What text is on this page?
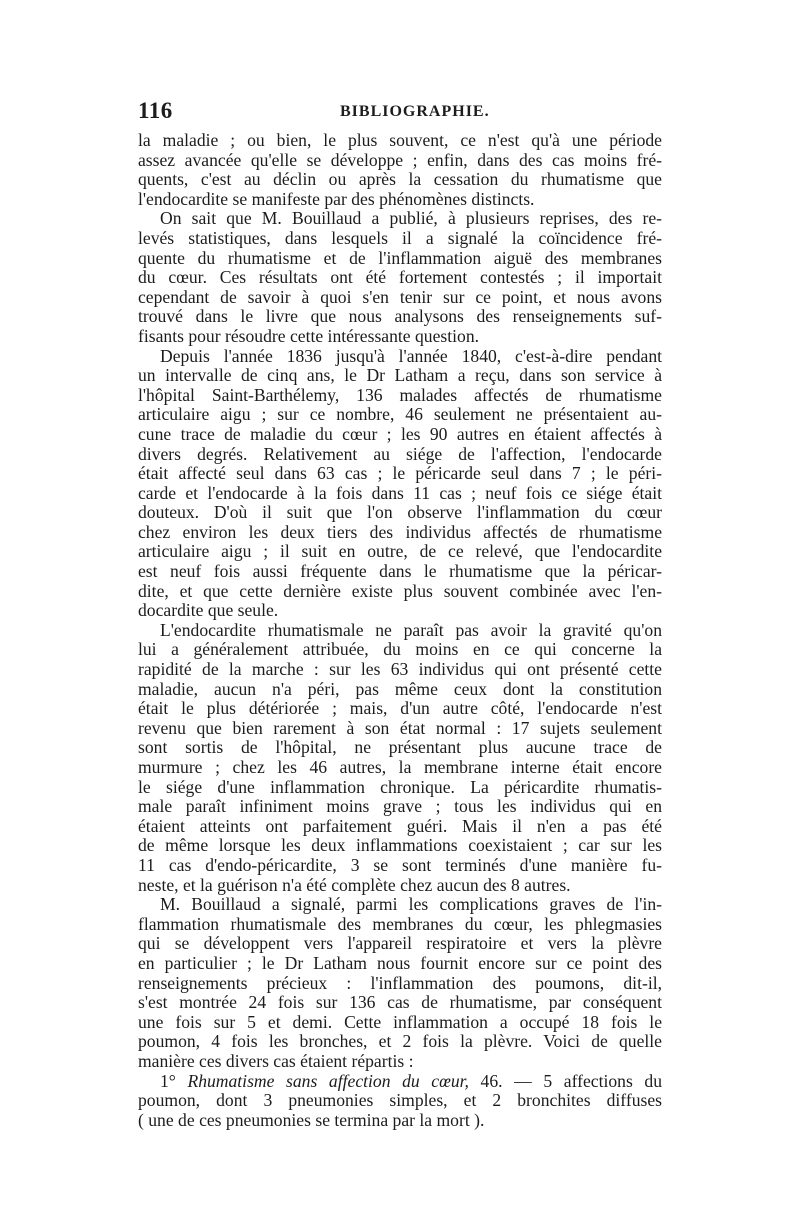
116	BIBLIOGRAPHIE.
la maladie ; ou bien, le plus souvent, ce n'est qu'à une période
assez avancée qu'elle se développe ; enfin, dans des cas moins fré-
quents, c'est au déclin ou après la cessation du rhumatisme que
l'endocardite se manifeste par des phénomènes distincts.
On sait que M. Bouillaud a publié, à plusieurs reprises, des re-
levés statistiques, dans lesquels il a signalé la coïncidence fré-
quente du rhumatisme et de l'inflammation aiguë des membranes
du cœur. Ces résultats ont été fortement contestés ; il importait
cependant de savoir à quoi s'en tenir sur ce point, et nous avons
trouvé dans le livre que nous analysons des renseignements suf-
fisants pour résoudre cette intéressante question.
Depuis l'année 1836 jusqu'à l'année 1840, c'est-à-dire pendant
un intervalle de cinq ans, le Dr Latham a reçu, dans son service à
l'hôpital Saint-Barthélemy, 136 malades affectés de rhumatisme
articulaire aigu ; sur ce nombre, 46 seulement ne présentaient au-
cune trace de maladie du cœur ; les 90 autres en étaient affectés à
divers degrés. Relativement au siége de l'affection, l'endocarde
était affecté seul dans 63 cas ; le péricarde seul dans 7 ; le péri-
carde et l'endocarde à la fois dans 11 cas ; neuf fois ce siége était
douteux. D'où il suit que l'on observe l'inflammation du cœur
chez environ les deux tiers des individus affectés de rhumatisme
articulaire aigu ; il suit en outre, de ce relevé, que l'endocardite
est neuf fois aussi fréquente dans le rhumatisme que la péricar-
dite, et que cette dernière existe plus souvent combinée avec l'en-
docardite que seule.
L'endocardite rhumatismale ne paraît pas avoir la gravité qu'on
lui a généralement attribuée, du moins en ce qui concerne la
rapidité de la marche : sur les 63 individus qui ont présenté cette
maladie, aucun n'a péri, pas même ceux dont la constitution
était le plus détériorée ; mais, d'un autre côté, l'endocarde n'est
revenu que bien rarement à son état normal : 17 sujets seulement
sont sortis de l'hôpital, ne présentant plus aucune trace de
murmure ; chez les 46 autres, la membrane interne était encore
le siége d'une inflammation chronique. La péricardite rhumatis-
male paraît infiniment moins grave ; tous les individus qui en
étaient atteints ont parfaitement guéri. Mais il n'en a pas été
de même lorsque les deux inflammations coexistaient ; car sur les
11 cas d'endo-péricardite, 3 se sont terminés d'une manière fu-
neste, et la guérison n'a été complète chez aucun des 8 autres.
M. Bouillaud a signalé, parmi les complications graves de l'in-
flammation rhumatismale des membranes du cœur, les phlegmasies
qui se développent vers l'appareil respiratoire et vers la plèvre
en particulier ; le Dr Latham nous fournit encore sur ce point des
renseignements précieux : l'inflammation des poumons, dit-il,
s'est montrée 24 fois sur 136 cas de rhumatisme, par conséquent
une fois sur 5 et demi. Cette inflammation a occupé 18 fois le
poumon, 4 fois les bronches, et 2 fois la plèvre. Voici de quelle
manière ces divers cas étaient répartis :
1° Rhumatisme sans affection du cœur, 46. — 5 affections du
poumon, dont 3 pneumonies simples, et 2 bronchites diffuses
( une de ces pneumonies se termina par la mort ).
